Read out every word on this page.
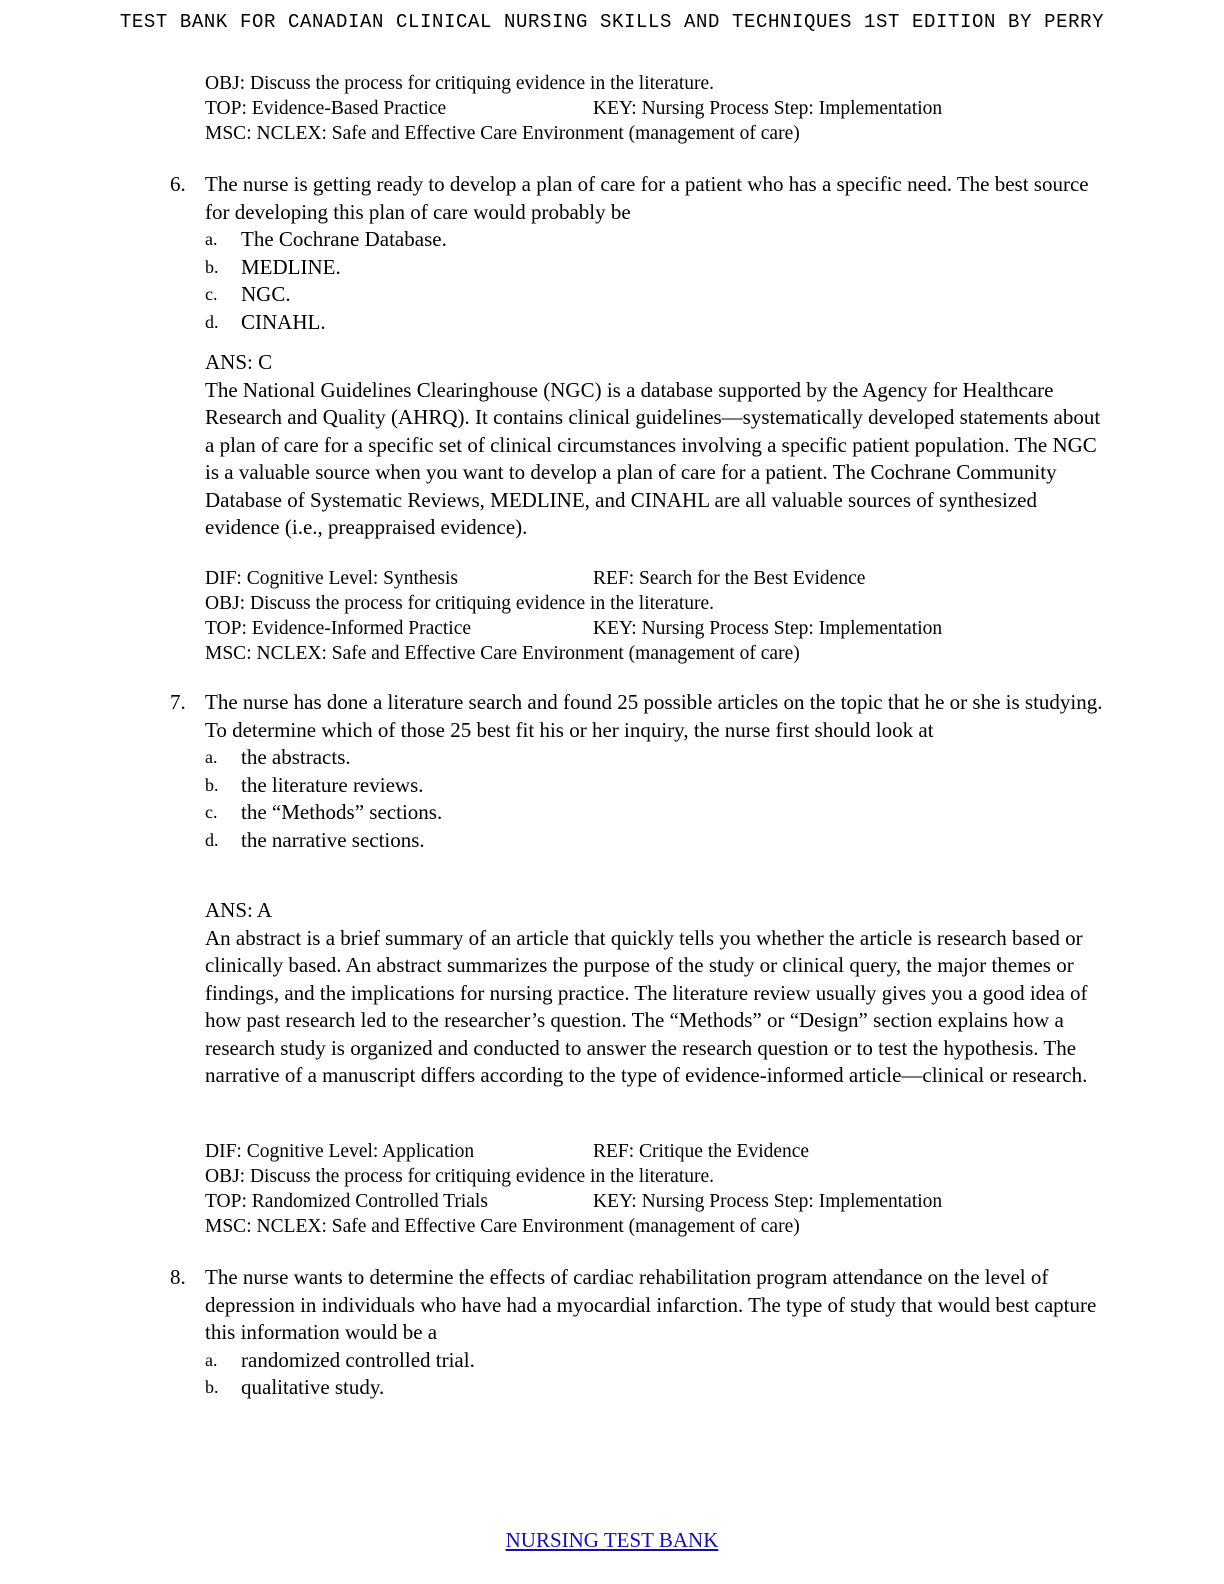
TEST BANK FOR CANADIAN CLINICAL NURSING SKILLS AND TECHNIQUES 1ST EDITION BY PERRY
OBJ: Discuss the process for critiquing evidence in the literature.
TOP: Evidence-Based Practice	KEY: Nursing Process Step: Implementation
MSC: NCLEX: Safe and Effective Care Environment (management of care)
6. The nurse is getting ready to develop a plan of care for a patient who has a specific need. The best source for developing this plan of care would probably be
a. The Cochrane Database.
b. MEDLINE.
c. NGC.
d. CINAHL.

ANS: C

The National Guidelines Clearinghouse (NGC) is a database supported by the Agency for Healthcare Research and Quality (AHRQ). It contains clinical guidelines—systematically developed statements about a plan of care for a specific set of clinical circumstances involving a specific patient population. The NGC is a valuable source when you want to develop a plan of care for a patient. The Cochrane Community Database of Systematic Reviews, MEDLINE, and CINAHL are all valuable sources of synthesized evidence (i.e., preappraised evidence).

DIF: Cognitive Level: Synthesis	REF: Search for the Best Evidence
OBJ: Discuss the process for critiquing evidence in the literature.
TOP: Evidence-Informed Practice	KEY: Nursing Process Step: Implementation
MSC: NCLEX: Safe and Effective Care Environment (management of care)
7. The nurse has done a literature search and found 25 possible articles on the topic that he or she is studying. To determine which of those 25 best fit his or her inquiry, the nurse first should look at
a. the abstracts.
b. the literature reviews.
c. the “Methods” sections.
d. the narrative sections.

ANS: A

An abstract is a brief summary of an article that quickly tells you whether the article is research based or clinically based. An abstract summarizes the purpose of the study or clinical query, the major themes or findings, and the implications for nursing practice. The literature review usually gives you a good idea of how past research led to the researcher’s question. The “Methods” or “Design” section explains how a research study is organized and conducted to answer the research question or to test the hypothesis. The narrative of a manuscript differs according to the type of evidence-informed article—clinical or research.

DIF: Cognitive Level: Application	REF: Critique the Evidence
OBJ: Discuss the process for critiquing evidence in the literature.
TOP: Randomized Controlled Trials	KEY: Nursing Process Step: Implementation
MSC: NCLEX: Safe and Effective Care Environment (management of care)
8. The nurse wants to determine the effects of cardiac rehabilitation program attendance on the level of depression in individuals who have had a myocardial infarction. The type of study that would best capture this information would be a
a. randomized controlled trial.
b. qualitative study.
NURSING TEST BANK
